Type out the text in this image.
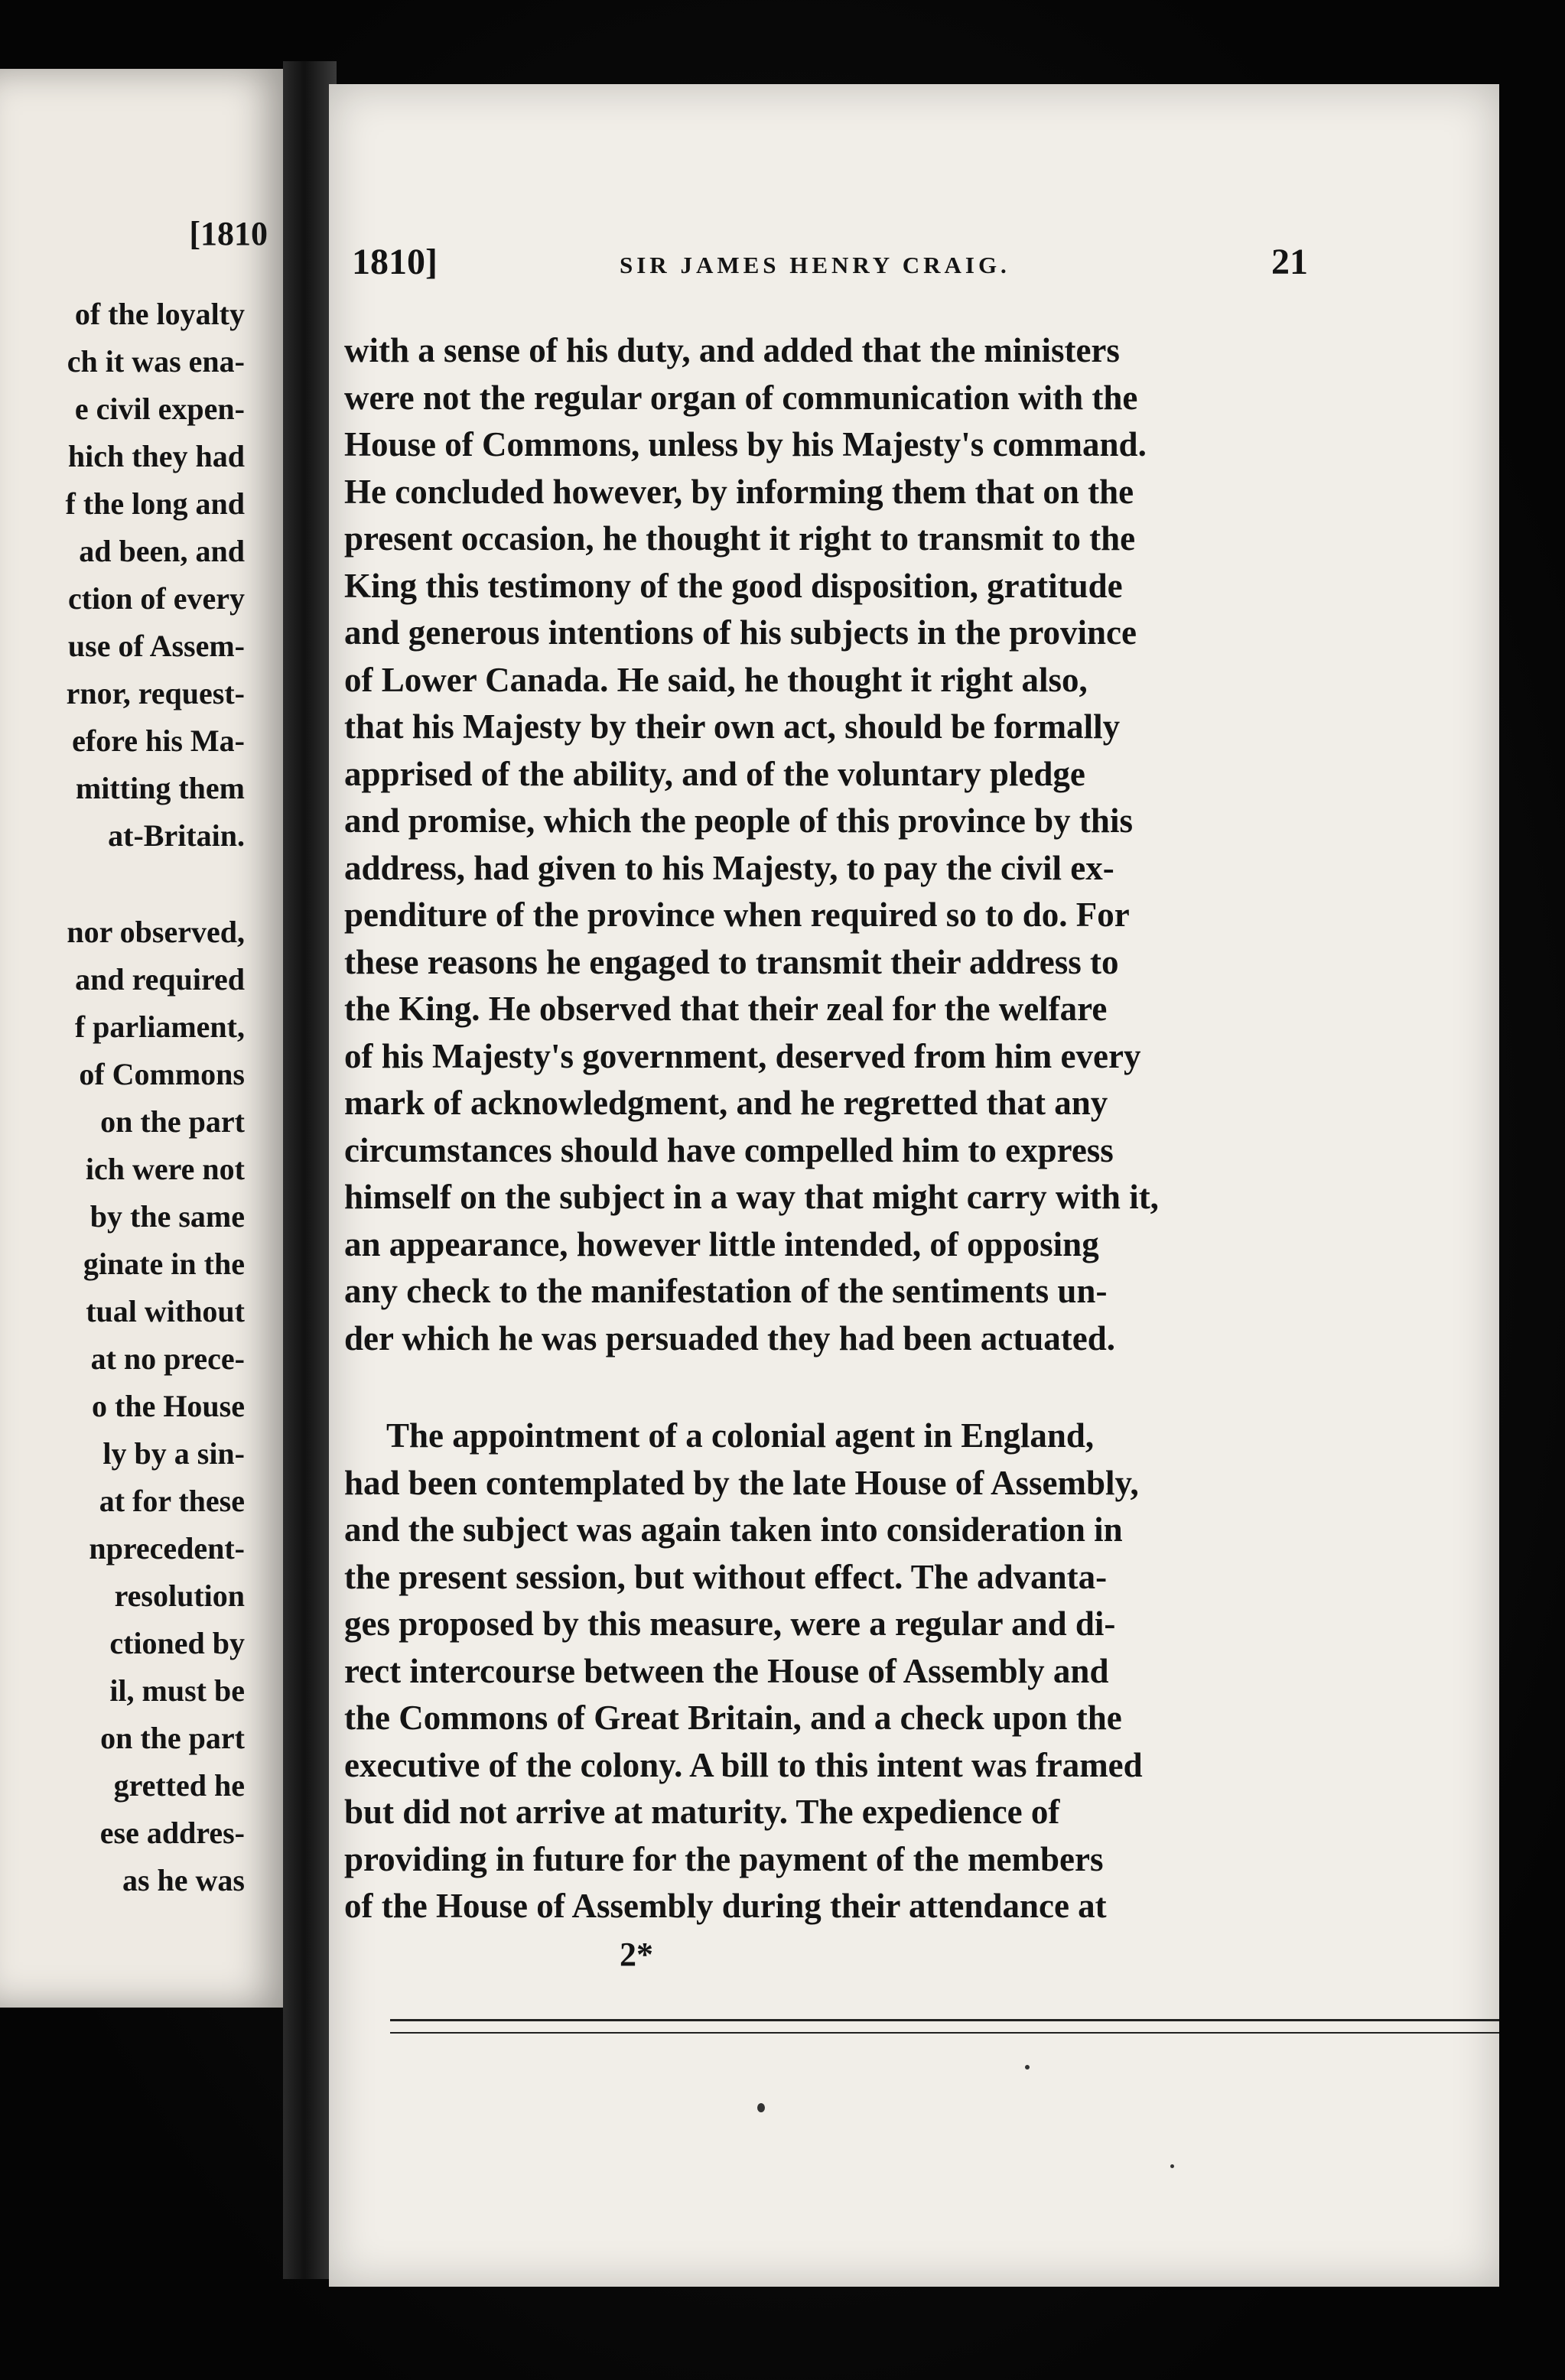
[1810
of the loyalty
ch it was ena-
e civil expen-
hich they had
f the long and
ad been, and
ction of every
use of Assem-
rnor, request-
efore his Ma-
mitting them
at-Britain.
nor observed,
and required
f parliament,
of Commons
on the part
ich were not
by the same
ginate in the
tual without
at no prece-
o the House
ly by a sin-
at for these
nprecedent-
resolution
ctioned by
il, must be
on the part
gretted he
ese addres-
as he was
1810]	SIR JAMES HENRY CRAIG.	21
with a sense of his duty, and added that the ministers
were not the regular organ of communication with the
House of Commons, unless by his Majesty's command.
He concluded however, by informing them that on the
present occasion, he thought it right to transmit to the
King this testimony of the good disposition, gratitude
and generous intentions of his subjects in the province
of Lower Canada. He said, he thought it right also,
that his Majesty by their own act, should be formally
apprised of the ability, and of the voluntary pledge
and promise, which the people of this province by this
address, had given to his Majesty, to pay the civil ex-
penditure of the province when required so to do. For
these reasons he engaged to transmit their address to
the King. He observed that their zeal for the welfare
of his Majesty's government, deserved from him every
mark of acknowledgment, and he regretted that any
circumstances should have compelled him to express
himself on the subject in a way that might carry with it,
an appearance, however little intended, of opposing
any check to the manifestation of the sentiments un-
der which he was persuaded they had been actuated.
The appointment of a colonial agent in England,
had been contemplated by the late House of Assembly,
and the subject was again taken into consideration in
the present session, but without effect. The advanta-
ges proposed by this measure, were a regular and di-
rect intercourse between the House of Assembly and
the Commons of Great Britain, and a check upon the
executive of the colony. A bill to this intent was framed
but did not arrive at maturity. The expedience of
providing in future for the payment of the members
of the House of Assembly during their attendance at
2*
